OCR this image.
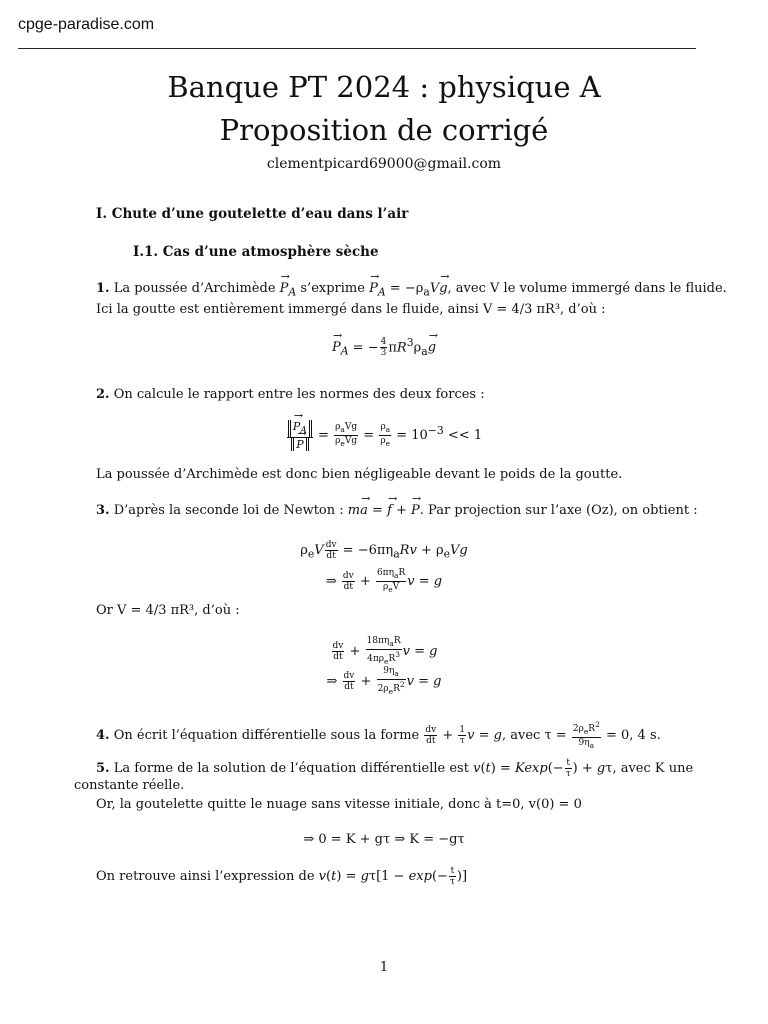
cpge-paradise.com
Banque PT 2024 : physique A
Proposition de corrigé
clementpicard69000@gmail.com
I. Chute d’une goutelette d’eau dans l’air
I.1. Cas d’une atmosphère sèche
1. La poussée d’Archimède → $P_A$ s’exprime → $P_A = -\rho_aV\to g$, avec V le volume immergé dans le fluide.
Ici la goutte est entièrement immergé dans le fluide, ainsi V = 4/3 πR³, d’où :
→ $P_A$ = − $\frac{4}{3} \pi R^3\rho_a\to g$
2. On calcule le rapport entre les normes des deux forces :
→ $P_A$
→ $P = \frac{\rho_aVg}{\rho_eVg} = \frac{\rho_a}{\rho_e} = 10^{-3} << 1$
La poussée d’Archimède est donc bien négligeable devant le poids de la goutte.
3. D’après la seconde loi de Newton : m→ a = → f + → P. Par projection sur l’axe (Oz), on obtient :
$\rho_eV \frac{dv}{dt} = -6\pi\eta_aRv + \rho_eVg$
⇒ $\frac{dv}{dt} + \frac{6\pi\eta_aR}{\rho_eV}$ v = g
Or V = 4/3 πR³, d’où :
$\frac{dv}{dt} + \frac{18\pi\eta_aR}{4\pi\rho_eR^3}$ v = g
⇒ $\frac{dv}{dt} + \frac{9\eta_a}{2\rho_eR^2}$ v = g
4. On écrit l’équation différentielle sous la forme $\frac{dv}{dt} + \frac{1}{\tau}$ v = g, avec $\tau = \frac{2\rho_eR^2}{9\eta_a} = 0$, 4 s.
5. La forme de la solution de l’équation différentielle est $v(t) = Kexp(- \frac{t}{\tau}$ ) + gτ, avec K une
constante réelle.
Or, la goutelette quitte le nuage sans vitesse initiale, donc à t=0, v(0) = 0
⇒ 0 = K + gτ ⇒ K = −gτ
On retrouve ainsi l’expression de $v(t) = g\tau[1 - \exp(- \frac{t}{\tau}$ )]
1
